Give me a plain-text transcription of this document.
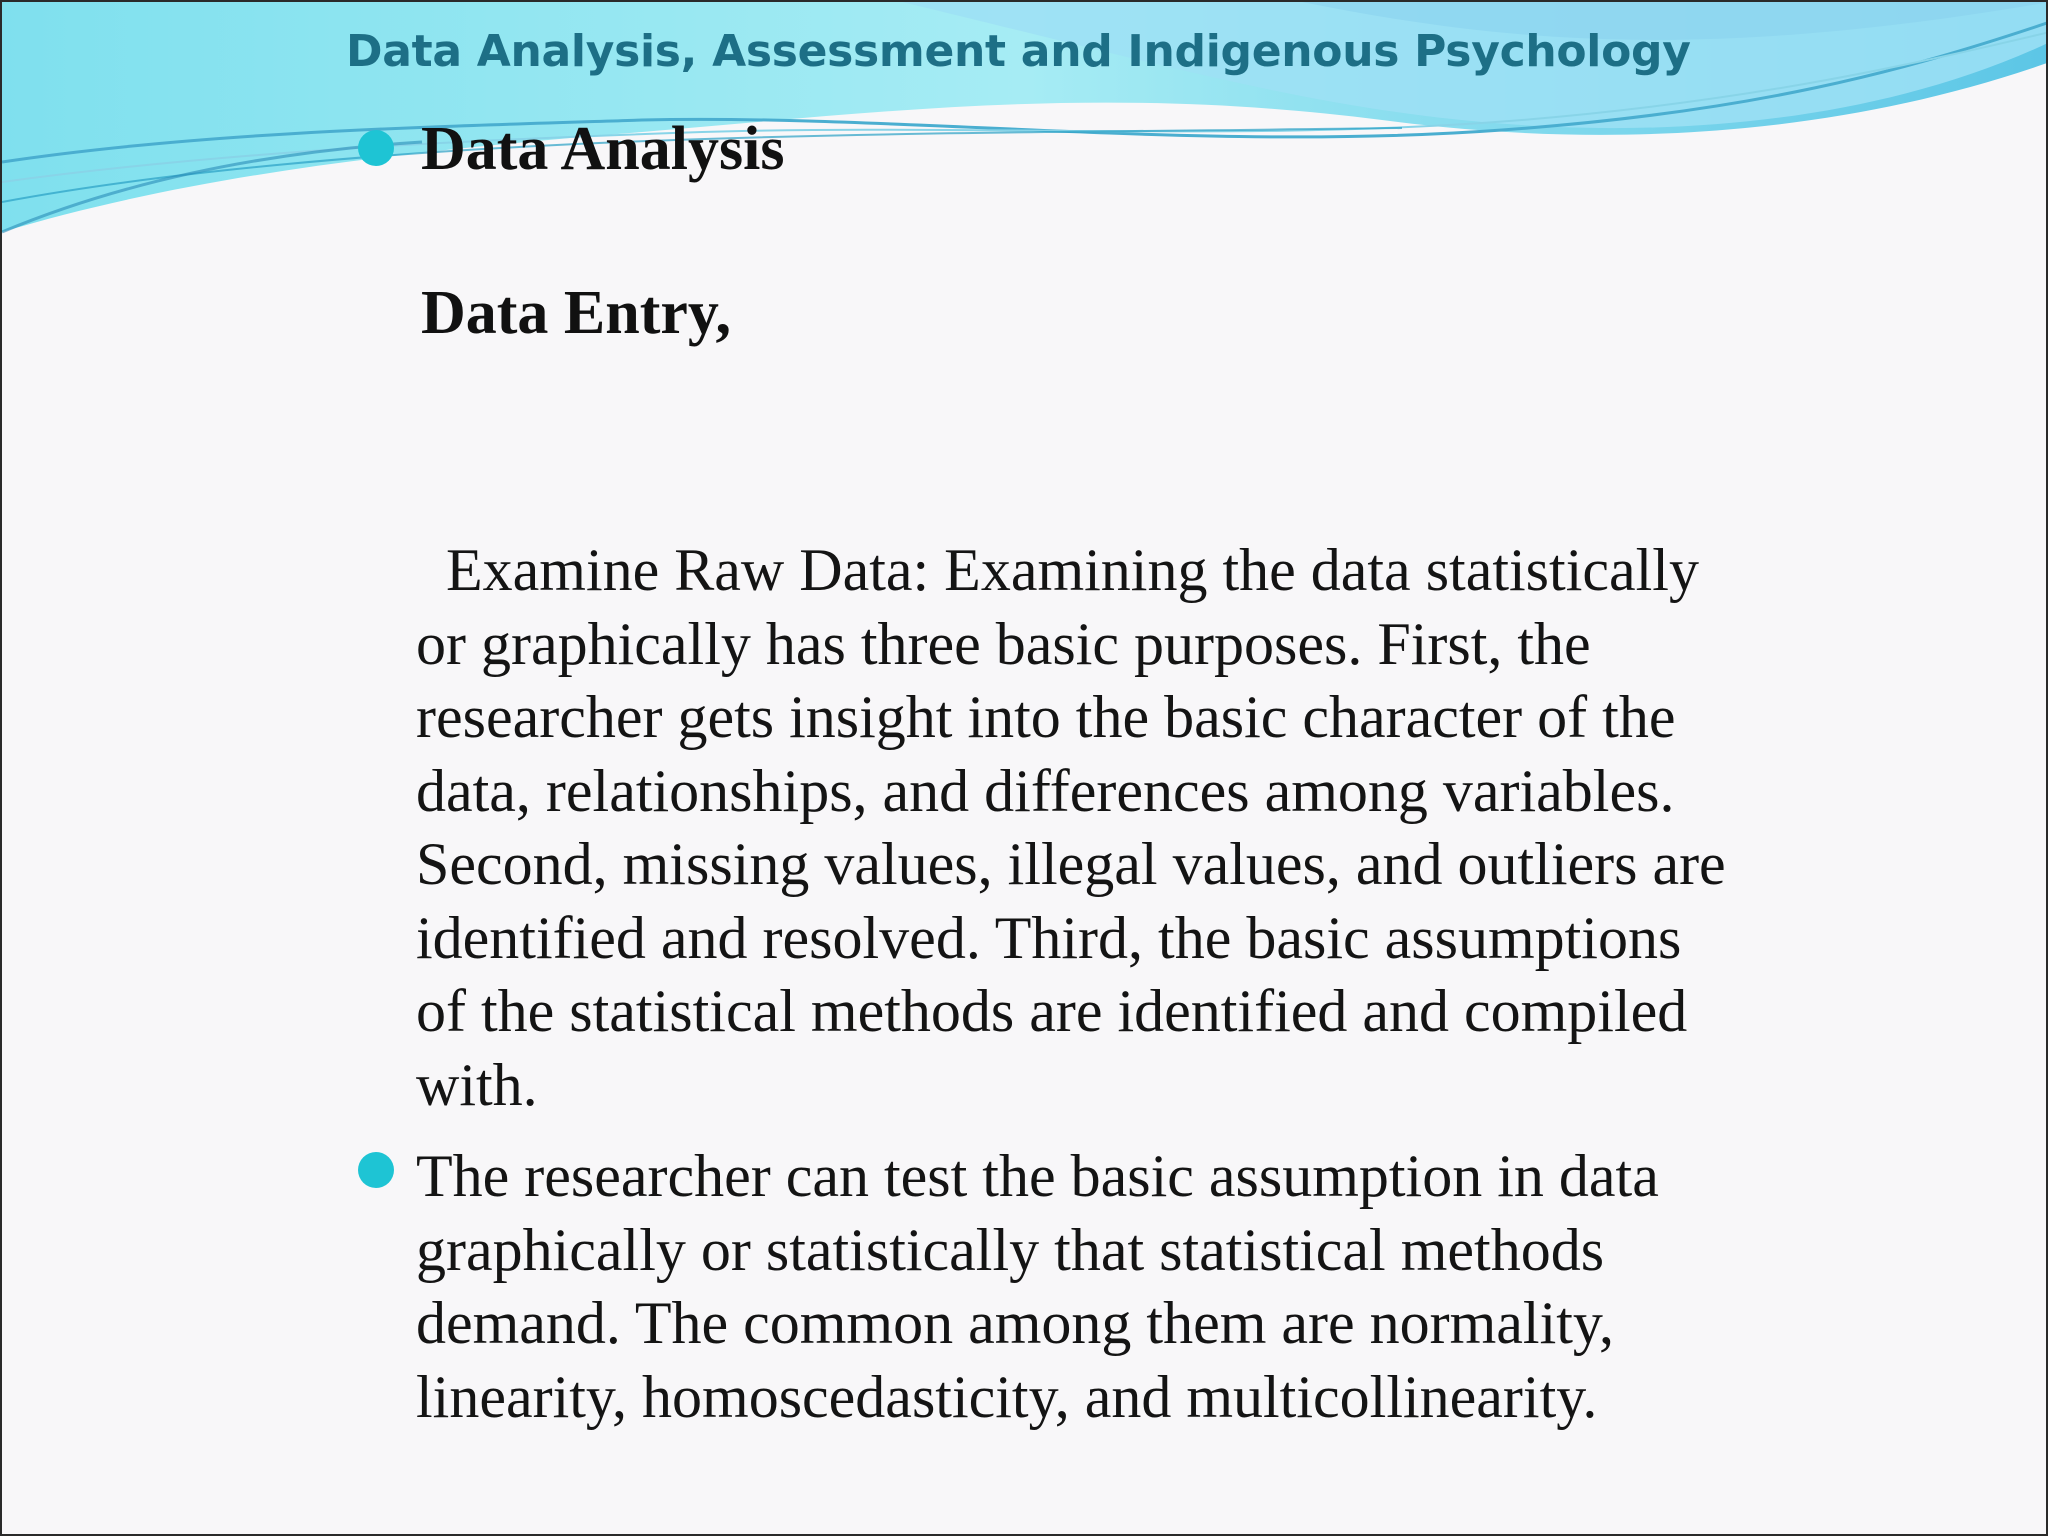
Data Analysis, Assessment and Indigenous Psychology
Data Analysis
Data Entry,
Examine Raw Data: Examining the data statistically
or graphically has three basic purposes. First, the
researcher gets insight into the basic character of the
data, relationships, and differences among variables.
Second, missing values, illegal values, and outliers are
identified and resolved. Third, the basic assumptions
of the statistical methods are identified and compiled
with.
The researcher can test the basic assumption in data
graphically or statistically that statistical methods
demand. The common among them are normality,
linearity, homoscedasticity, and multicollinearity.
